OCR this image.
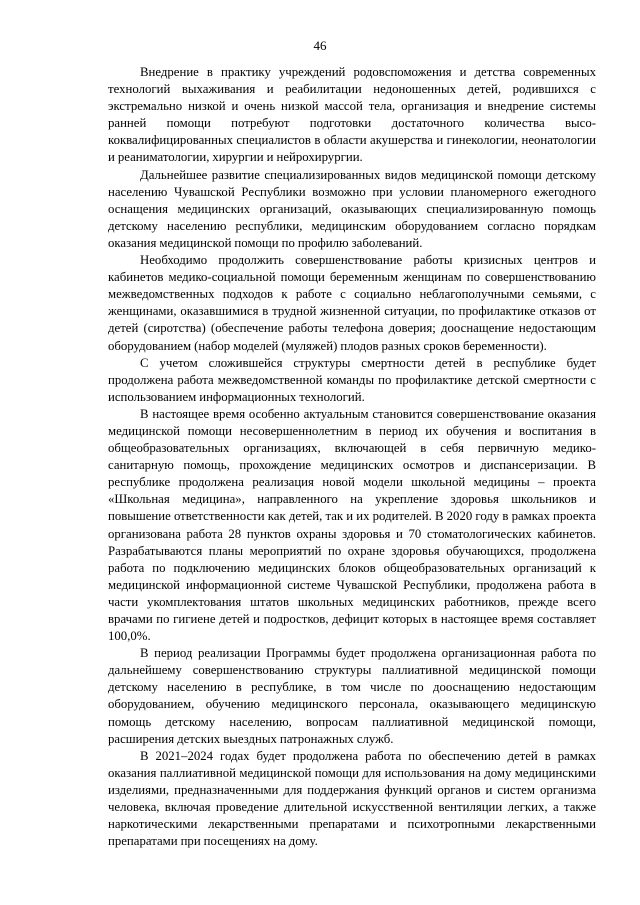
46

Внедрение в практику учреждений родовспоможения и детства современных технологий выхаживания и реабилитации недоношенных детей, родившихся с экстремально низкой и очень низкой массой тела, организация и внедрение системы ранней помощи потребуют подготовки достаточного количества высококвалифицированных специалистов в области акушерства и гинекологии, неонатологии и реаниматологии, хирургии и нейрохирургии.

Дальнейшее развитие специализированных видов медицинской помощи детскому населению Чувашской Республики возможно при условии планомерного ежегодного оснащения медицинских организаций, оказывающих специализированную помощь детскому населению республики, медицинским оборудованием согласно порядкам оказания медицинской помощи по профилю заболеваний.

Необходимо продолжить совершенствование работы кризисных центров и кабинетов медико-социальной помощи беременным женщинам по совершенствованию межведомственных подходов к работе с социально неблагополучными семьями, с женщинами, оказавшимися в трудной жизненной ситуации, по профилактике отказов от детей (сиротства) (обеспечение работы телефона доверия; дооснащение недостающим оборудованием (набор моделей (муляжей) плодов разных сроков беременности).

С учетом сложившейся структуры смертности детей в республике будет продолжена работа межведомственной команды по профилактике детской смертности с использованием информационных технологий.

В настоящее время особенно актуальным становится совершенствование оказания медицинской помощи несовершеннолетним в период их обучения и воспитания в общеобразовательных организациях, включающей в себя первичную медико-санитарную помощь, прохождение медицинских осмотров и диспансеризации. В республике продолжена реализация новой модели школьной медицины – проекта «Школьная медицина», направленного на укрепление здоровья школьников и повышение ответственности как детей, так и их родителей. В 2020 году в рамках проекта организована работа 28 пунктов охраны здоровья и 70 стоматологических кабинетов. Разрабатываются планы мероприятий по охране здоровья обучающихся, продолжена работа по подключению медицинских блоков общеобразовательных организаций к медицинской информационной системе Чувашской Республики, продолжена работа в части укомплектования штатов школьных медицинских работников, прежде всего врачами по гигиене детей и подростков, дефицит которых в настоящее время составляет 100,0%.

В период реализации Программы будет продолжена организационная работа по дальнейшему совершенствованию структуры паллиативной медицинской помощи детскому населению в республике, в том числе по дооснащению недостающим оборудованием, обучению медицинского персонала, оказывающего медицинскую помощь детскому населению, вопросам паллиативной медицинской помощи, расширения детских выездных патронажных служб.

В 2021–2024 годах будет продолжена работа по обеспечению детей в рамках оказания паллиативной медицинской помощи для использования на дому медицинскими изделиями, предназначенными для поддержания функций органов и систем организма человека, включая проведение длительной искусственной вентиляции легких, а также наркотическими лекарственными препаратами и психотропными лекарственными препаратами при посещениях на дому.
